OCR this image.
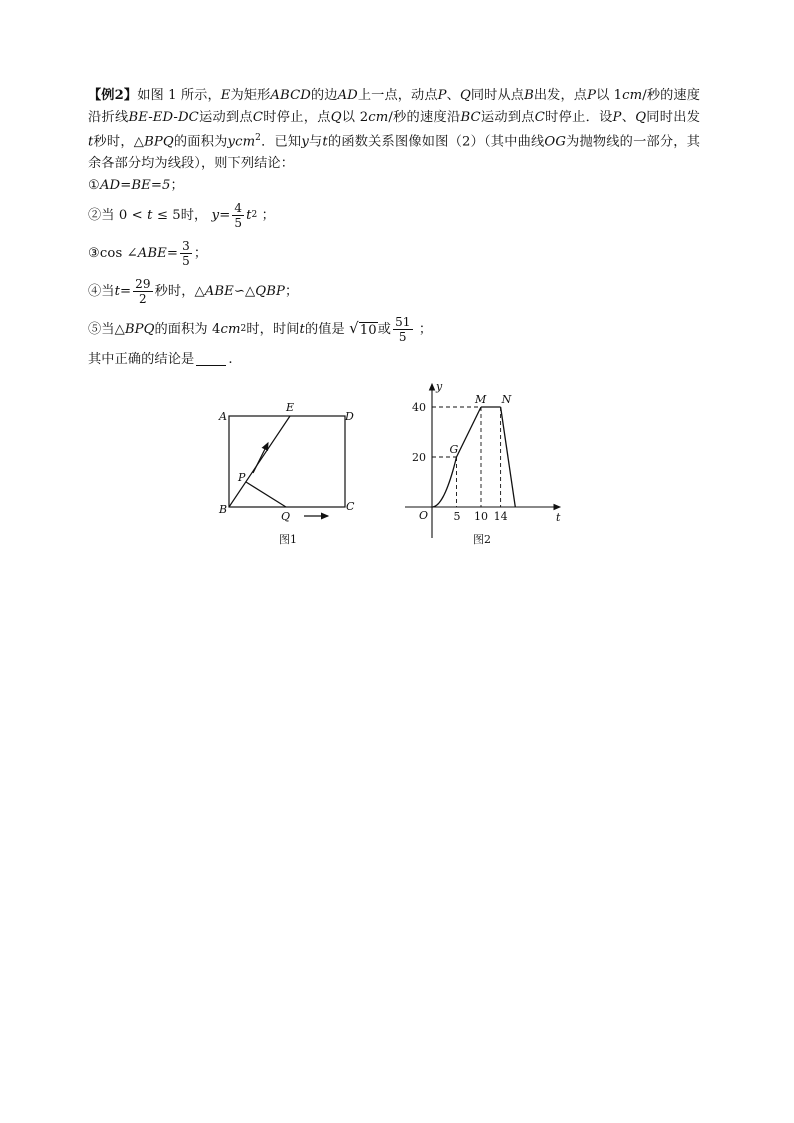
【例2】如图 1 所示，E为矩形ABCD的边AD上一点，动点P、Q同时从点B出发，点P以 1cm/秒的速度沿折线BE-ED-DC运动到点C时停止，点Q以 2cm/秒的速度沿BC运动到点C时停止．设P、Q同时出发 t秒时，△BPQ的面积为ycm$^2$．已知y与t的函数关系图像如图（2）（其中曲线OG为抛物线的一部分，其余各部分均为线段），则下列结论：

① AD=BE=5 ；

②当 0 <
t
≤ 5时，
$y = \frac{4}{5}$ t 2
；

③cos ∠ ABE = $\frac{3}{5}$ ；

④当 $t = \frac{29}{2}$ 秒时，△ ABE ∽△ QBP ；

⑤当△ BPQ 的面积为 4 cm 2 时，时间 t 的值是
√ 10 或 $\frac{51}{5}$
；

其中正确的结论是	.

A
E
D
P
B
Q
C
图1
y
t
O 5 10 14
20
40
G
M N
图2
